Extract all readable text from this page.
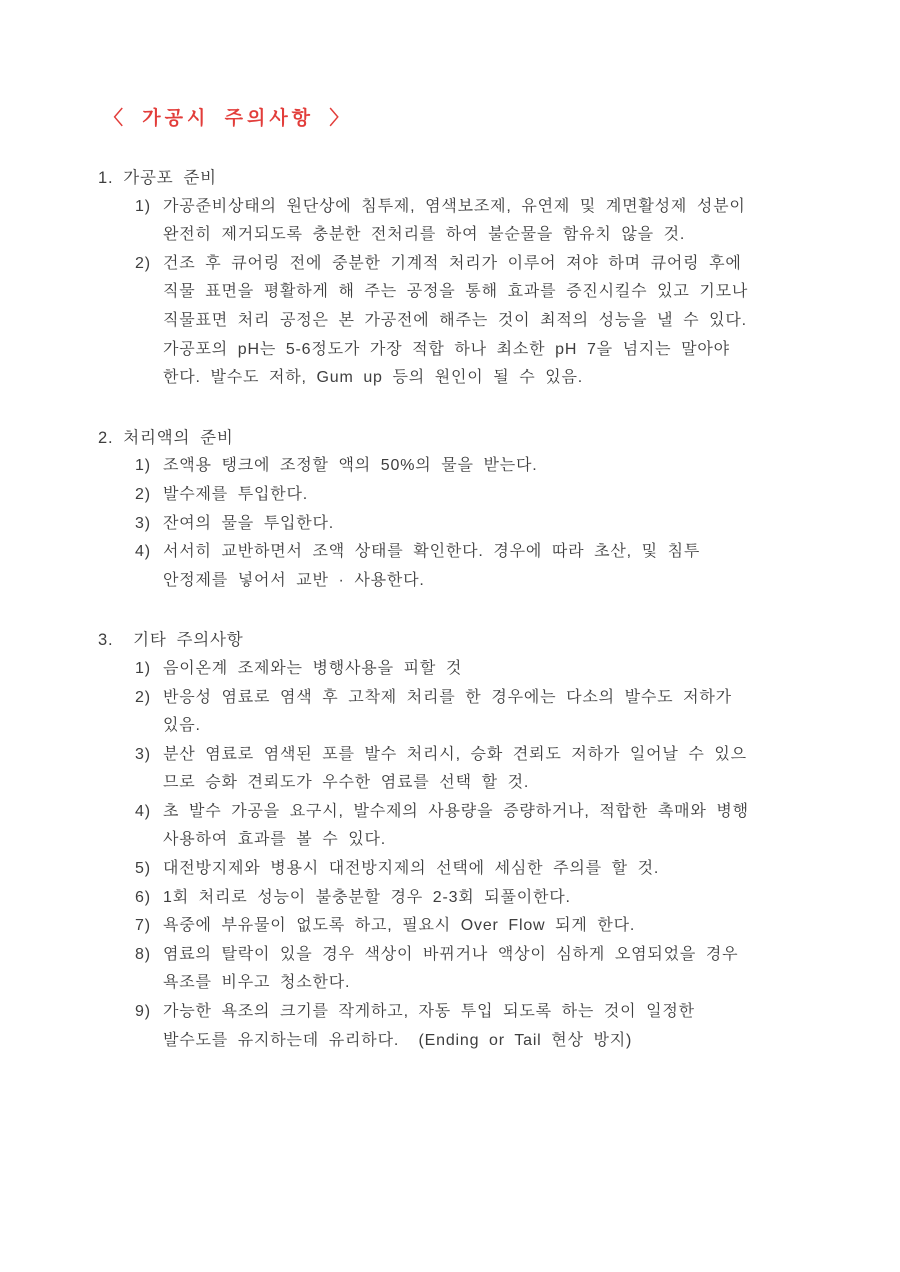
〈 가공시 주의사항 〉
1. 가공포 준비
1) 가공준비상태의 원단상에 침투제, 염색보조제, 유연제 및 계면활성제 성분이
완전히 제거되도록 충분한 전처리를 하여 불순물을 함유치 않을 것.
2) 건조 후 큐어링 전에 중분한 기계적 처리가 이루어 져야 하며 큐어링 후에
직물 표면을 평활하게 해 주는 공정을 통해 효과를 증진시킬수 있고 기모나
직물표면 처리 공정은 본 가공전에 해주는 것이 최적의 성능을 낼 수 있다.
가공포의 pH는 5-6정도가 가장 적합 하나 최소한 pH 7을 넘지는 말아야
한다. 발수도 저하, Gum up 등의 원인이 될 수 있음.
2. 처리액의 준비
1) 조액용 탱크에 조정할 액의 50%의 물을 받는다.
2) 발수제를 투입한다.
3) 잔여의 물을 투입한다.
4) 서서히 교반하면서 조액 상태를 확인한다. 경우에 따라 초산, 및 침투
안정제를 넣어서 교반 · 사용한다.
3.  기타 주의사항
1) 음이온계 조제와는 병행사용을 피할 것
2) 반응성 염료로 염색 후 고착제 처리를 한 경우에는 다소의 발수도 저하가
있음.
3) 분산 염료로 염색된 포를 발수 처리시, 승화 견뢰도 저하가 일어날 수 있으
므로 승화 견뢰도가 우수한 염료를 선택 할 것.
4) 초 발수 가공을 요구시, 발수제의 사용량을 증량하거나, 적합한 촉매와 병행
사용하여 효과를 볼 수 있다.
5) 대전방지제와 병용시 대전방지제의 선택에 세심한 주의를 할 것.
6) 1회 처리로 성능이 불충분할 경우 2-3회 되풀이한다.
7) 욕중에 부유물이 없도록 하고, 필요시 Over Flow 되게 한다.
8) 염료의 탈락이 있을 경우 색상이 바뀌거나 액상이 심하게 오염되었을 경우
욕조를 비우고 청소한다.
9) 가능한 욕조의 크기를 작게하고, 자동 투입 되도록 하는 것이 일정한
발수도를 유지하는데 유리하다.  (Ending or Tail 현상 방지)
